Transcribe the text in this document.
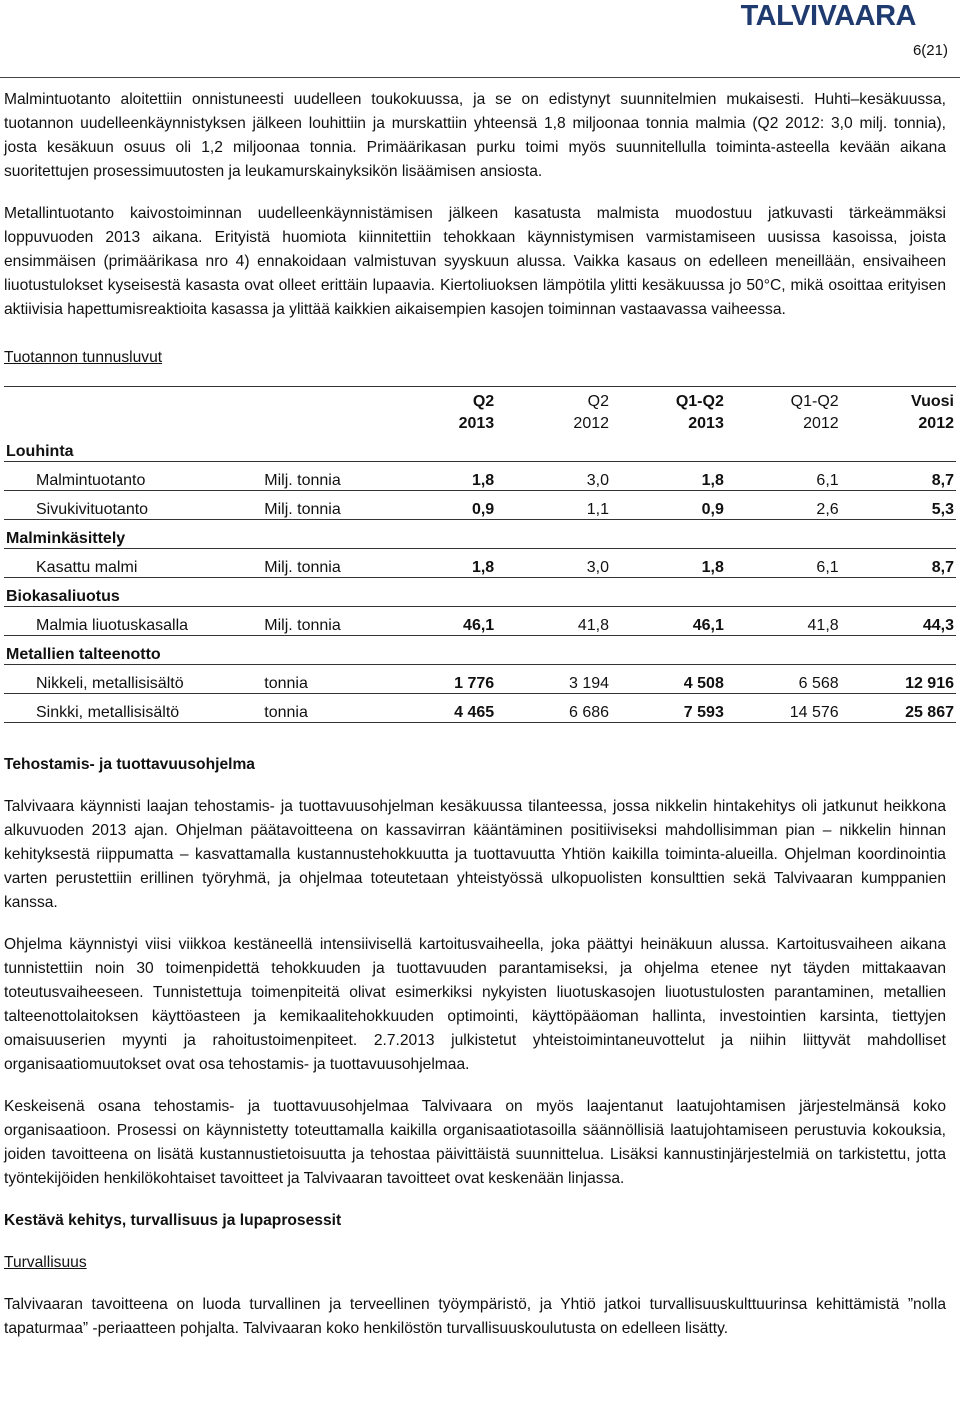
TALVIVAARA
6(21)

Malmintuotanto aloitettiin onnistuneesti uudelleen toukokuussa, ja se on edistynyt suunnitelmien mukaisesti. Huhti–kesäkuussa, tuotannon uudelleenkäynnistyksen jälkeen louhittiin ja murskattiin yhteensä 1,8 miljoonaa tonnia malmia (Q2 2012: 3,0 milj. tonnia), josta kesäkuun osuus oli 1,2 miljoonaa tonnia. Primäärikasan purku toimi myös suunnitellulla toiminta-asteella kevään aikana suoritettujen prosessimuutosten ja leukamurskainyksikön lisäämisen ansiosta.

Metallintuotanto kaivostoiminnan uudelleenkäynnistämisen jälkeen kasatusta malmista muodostuu jatkuvasti tärkeämmäksi loppuvuoden 2013 aikana. Erityistä huomiota kiinnitettiin tehokkaan käynnistymisen varmistamiseen uusissa kasoissa, joista ensimmäisen (primäärikasa nro 4) ennakoidaan valmistuvan syyskuun alussa. Vaikka kasaus on edelleen meneillään, ensivaiheen liuotustulokset kyseisestä kasasta ovat olleet erittäin lupaavia. Kiertoliuoksen lämpötila ylitti kesäkuussa jo 50°C, mikä osoittaa erityisen aktiivisia hapettumisreaktioita kasassa ja ylittää kaikkien aikaisempien kasojen toiminnan vastaavassa vaiheessa.

Tuotannon tunnusluvut
		Q2	Q2	Q1-Q2	Q1-Q2	Vuosi
		2013	2012	2013	2012	2012
Louhinta						
Malmintuotanto	Milj. tonnia	1,8	3,0	1,8	6,1	8,7
Sivukivituotanto	Milj. tonnia	0,9	1,1	0,9	2,6	5,3
Malminkäsittely						
Kasattu malmi	Milj. tonnia	1,8	3,0	1,8	6,1	8,7
Biokasaliuotus						
Malmia liuotuskasalla	Milj. tonnia	46,1	41,8	46,1	41,8	44,3
Metallien talteenotto						
Nikkeli, metallisisältö	tonnia	1 776	3 194	4 508	6 568	12 916
Sinkki, metallisisältö	tonnia	4 465	6 686	7 593	14 576	25 867
Tehostamis- ja tuottavuusohjelma

Talvivaara käynnisti laajan tehostamis- ja tuottavuusohjelman kesäkuussa tilanteessa, jossa nikkelin hintakehitys oli jatkunut heikkona alkuvuoden 2013 ajan. Ohjelman päätavoitteena on kassavirran kääntäminen positiiviseksi mahdollisimman pian – nikkelin hinnan kehityksestä riippumatta – kasvattamalla kustannustehokkuutta ja tuottavuutta Yhtiön kaikilla toiminta-alueilla. Ohjelman koordinointia varten perustettiin erillinen työryhmä, ja ohjelmaa toteutetaan yhteistyössä ulkopuolisten konsulttien sekä Talvivaaran kumppanien kanssa.

Ohjelma käynnistyi viisi viikkoa kestäneellä intensiivisellä kartoitusvaiheella, joka päättyi heinäkuun alussa. Kartoitusvaiheen aikana tunnistettiin noin 30 toimenpidettä tehokkuuden ja tuottavuuden parantamiseksi, ja ohjelma etenee nyt täyden mittakaavan toteutusvaiheeseen. Tunnistettuja toimenpiteitä olivat esimerkiksi nykyisten liuotuskasojen liuotustulosten parantaminen, metallien talteenottolaitoksen käyttöasteen ja kemikaalitehokkuuden optimointi, käyttöpääoman hallinta, investointien karsinta, tiettyjen omaisuuserien myynti ja rahoitustoimenpiteet. 2.7.2013 julkistetut yhteistoimintaneuvottelut ja niihin liittyvät mahdolliset organisaatiomuutokset ovat osa tehostamis- ja tuottavuusohjelmaa.

Keskeisenä osana tehostamis- ja tuottavuusohjelmaa Talvivaara on myös laajentanut laatujohtamisen järjestelmänsä koko organisaatioon. Prosessi on käynnistetty toteuttamalla kaikilla organisaatiotasoilla säännöllisiä laatujohtamiseen perustuvia kokouksia, joiden tavoitteena on lisätä kustannustietoisuutta ja tehostaa päivittäistä suunnittelua. Lisäksi kannustinjärjestelmiä on tarkistettu, jotta työntekijöiden henkilökohtaiset tavoitteet ja Talvivaaran tavoitteet ovat keskenään linjassa.

Kestävä kehitys, turvallisuus ja lupaprosessit
Turvallisuus

Talvivaaran tavoitteena on luoda turvallinen ja terveellinen työympäristö, ja Yhtiö jatkoi turvallisuuskulttuurinsa kehittämistä ”nolla tapaturmaa” -periaatteen pohjalta. Talvivaaran koko henkilöstön turvallisuuskoulutusta on edelleen lisätty.
